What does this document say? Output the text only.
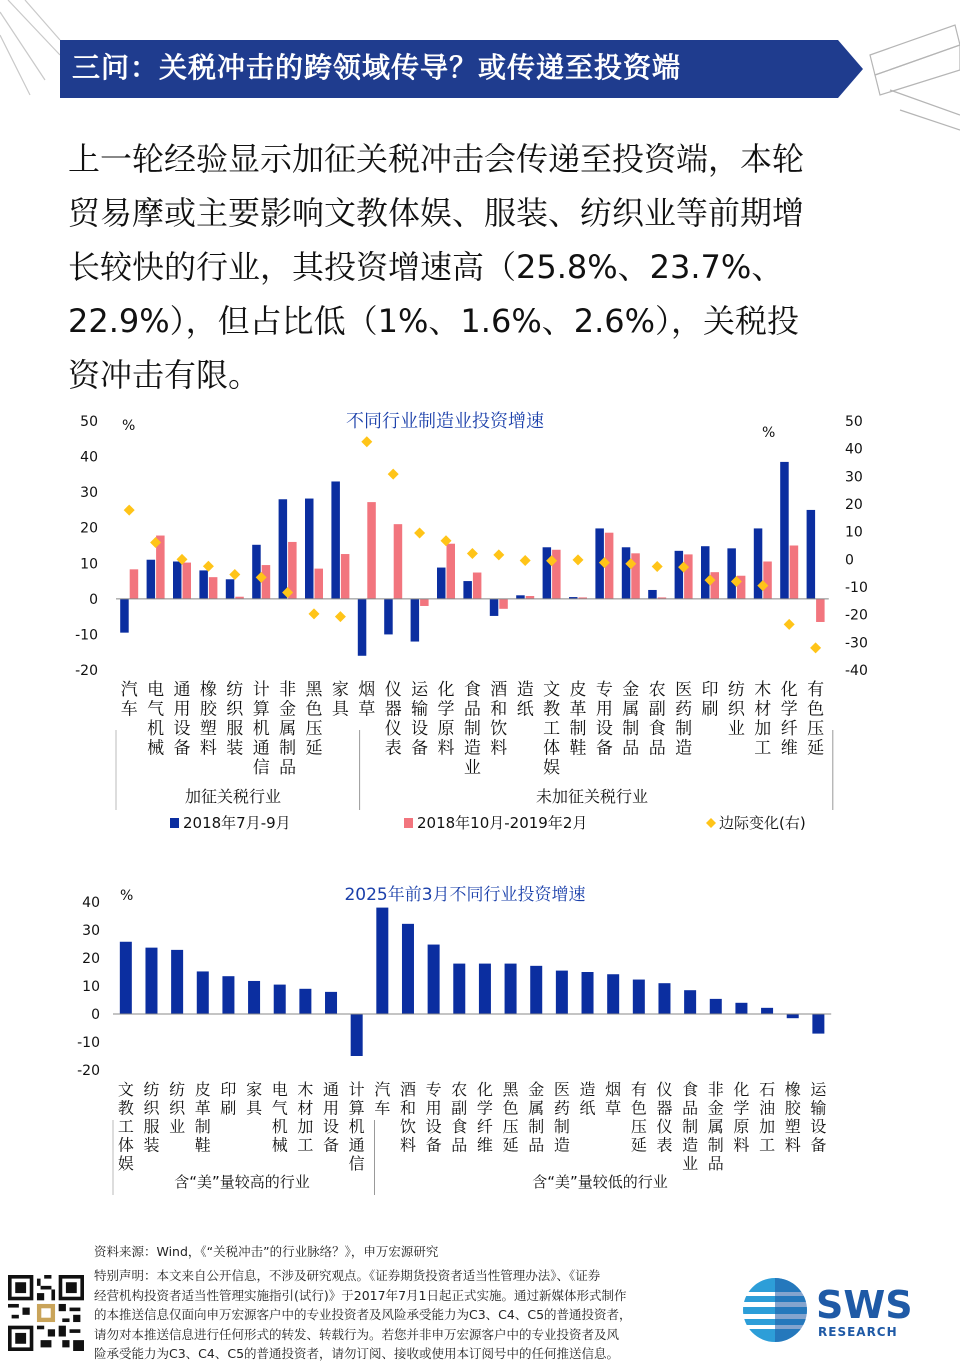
三问：关税冲击的跨领域传导？或传递至投资端
上一轮经验显示加征关税冲击会传递至投资端，本轮
贸易摩或主要影响文教体娱、服装、纺织业等前期增
长较快的行业，其投资增速高（25.8%、23.7%、
22.9%），但占比低（1%、1.6%、2.6%），关税投
资冲击有限。
不同行业制造业投资增速
%	%
50
40
30
20
10
0
-10
-20
50
40
30
20
10
0
-10
-20
-30
-40
汽车
电气机械
通用设备
橡胶塑料
纺织服装
计算机通信
非金属制品
黑色压延
家具
烟草
仪器仪表
运输设备
化学原料
食品制造业
酒和饮料
造纸
文教工体娱
皮革制鞋
专用设备
金属制品
农副食品
医药制造
印刷
纺织业
木材加工
化学纤维
有色压延
加征关税行业	未加征关税行业
2018年7月-9月	2018年10月-2019年2月	边际变化(右)
2025年前3月不同行业投资增速
%
40
30
20
10
0
-10
-20
文教工体娱
纺织服装
纺织业
皮革制鞋
印刷
家具
电气机械
木材加工
通用设备
计算机通信
汽车
酒和饮料
专用设备
农副食品
化学纤维
黑色压延
金属制品
医药制造
造纸
烟草
有色压延
仪器仪表
食品制造业
非金属制品
化学原料
石油加工
橡胶塑料
运输设备
含“美”量较高的行业	含“美”量较低的行业
资料来源：Wind，《“关税冲击”的行业脉络？》，申万宏源研究
特别声明：本文来自公开信息，不涉及研究观点。《证券期货投资者适当性管理办法》、《证券
经营机构投资者适当性管理实施指引(试行)》于2017年7月1日起正式实施。通过新媒体形式制作
的本推送信息仅面向申万宏源客户中的专业投资者及风险承受能力为C3、C4、C5的普通投资者，
请勿对本推送信息进行任何形式的转发、转载行为。若您并非申万宏源客户中的专业投资者及风
险承受能力为C3、C4、C5的普通投资者，请勿订阅、接收或使用本订阅号中的任何推送信息。
SWS
RESEARCH
